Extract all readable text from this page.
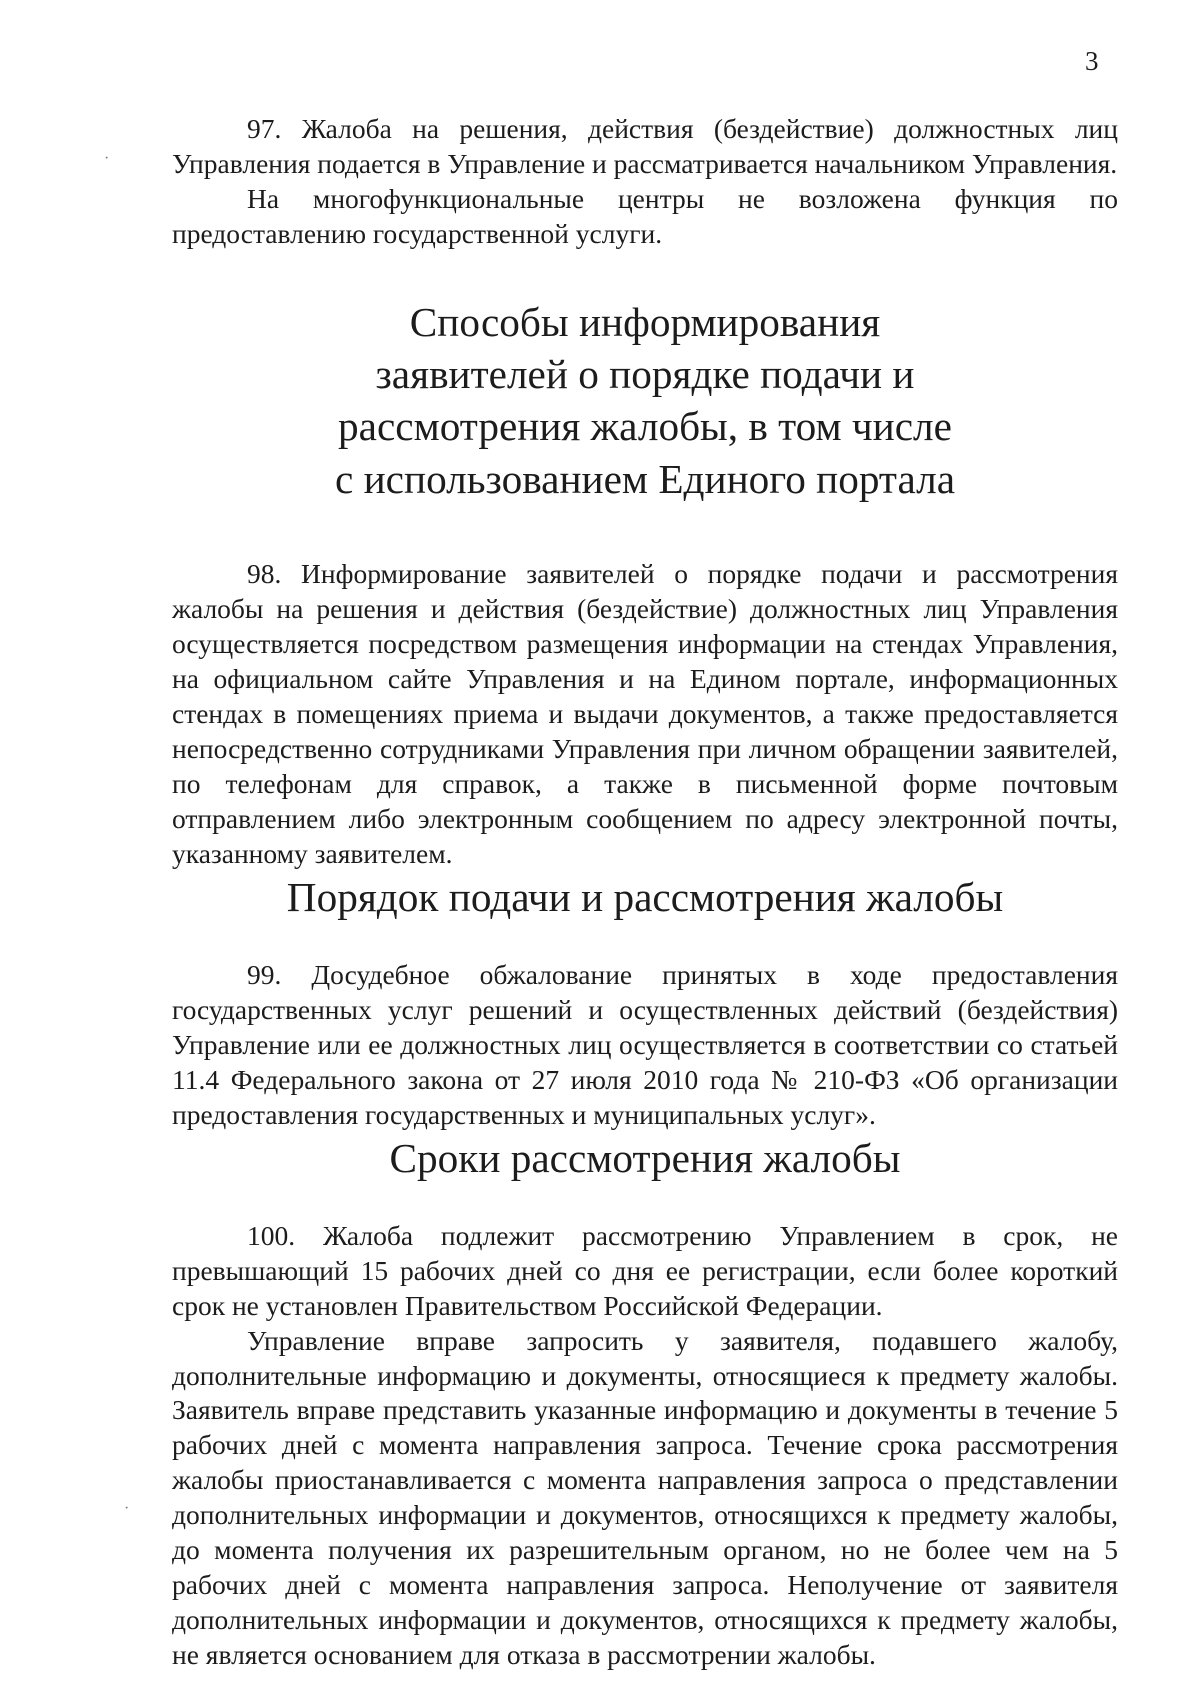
3
·
·

97. Жалоба на решения, действия (бездействие) должностных лиц Управления подается в Управление и рассматривается начальником Управления.

На многофункциональные центры не возложена функция по предоставлению государственной услуги.

Способы информирования заявителей о порядке подачи и рассмотрения жалобы, в том числе с использованием Единого портала

98. Информирование заявителей о порядке подачи и рассмотрения жалобы на решения и действия (бездействие) должностных лиц Управления осуществляется посредством размещения информации на стендах Управления, на официальном сайте Управления и на Едином портале, информационных стендах в помещениях приема и выдачи документов, а также предоставляется непосредственно сотрудниками Управления при личном обращении заявителей, по телефонам для справок, а также в письменной форме почтовым отправлением либо электронным сообщением по адресу электронной почты, указанному заявителем.

Порядок подачи и рассмотрения жалобы

99. Досудебное обжалование принятых в ходе предоставления государственных услуг решений и осуществленных действий (бездействия) Управление или ее должностных лиц осуществляется в соответствии со статьей 11.4 Федерального закона от 27 июля 2010 года № 210-ФЗ «Об организации предоставления государственных и муниципальных услуг».

Сроки рассмотрения жалобы

100. Жалоба подлежит рассмотрению Управлением в срок, не превышающий 15 рабочих дней со дня ее регистрации, если более короткий срок не установлен Правительством Российской Федерации.

Управление вправе запросить у заявителя, подавшего жалобу, дополнительные информацию и документы, относящиеся к предмету жалобы. Заявитель вправе представить указанные информацию и документы в течение 5 рабочих дней с момента направления запроса. Течение срока рассмотрения жалобы приостанавливается с момента направления запроса о представлении дополнительных информации и документов, относящихся к предмету жалобы, до момента получения их разрешительным органом, но не более чем на 5 рабочих дней с момента направления запроса. Неполучение от заявителя дополнительных информации и документов, относящихся к предмету жалобы, не является основанием для отказа в рассмотрении жалобы.
